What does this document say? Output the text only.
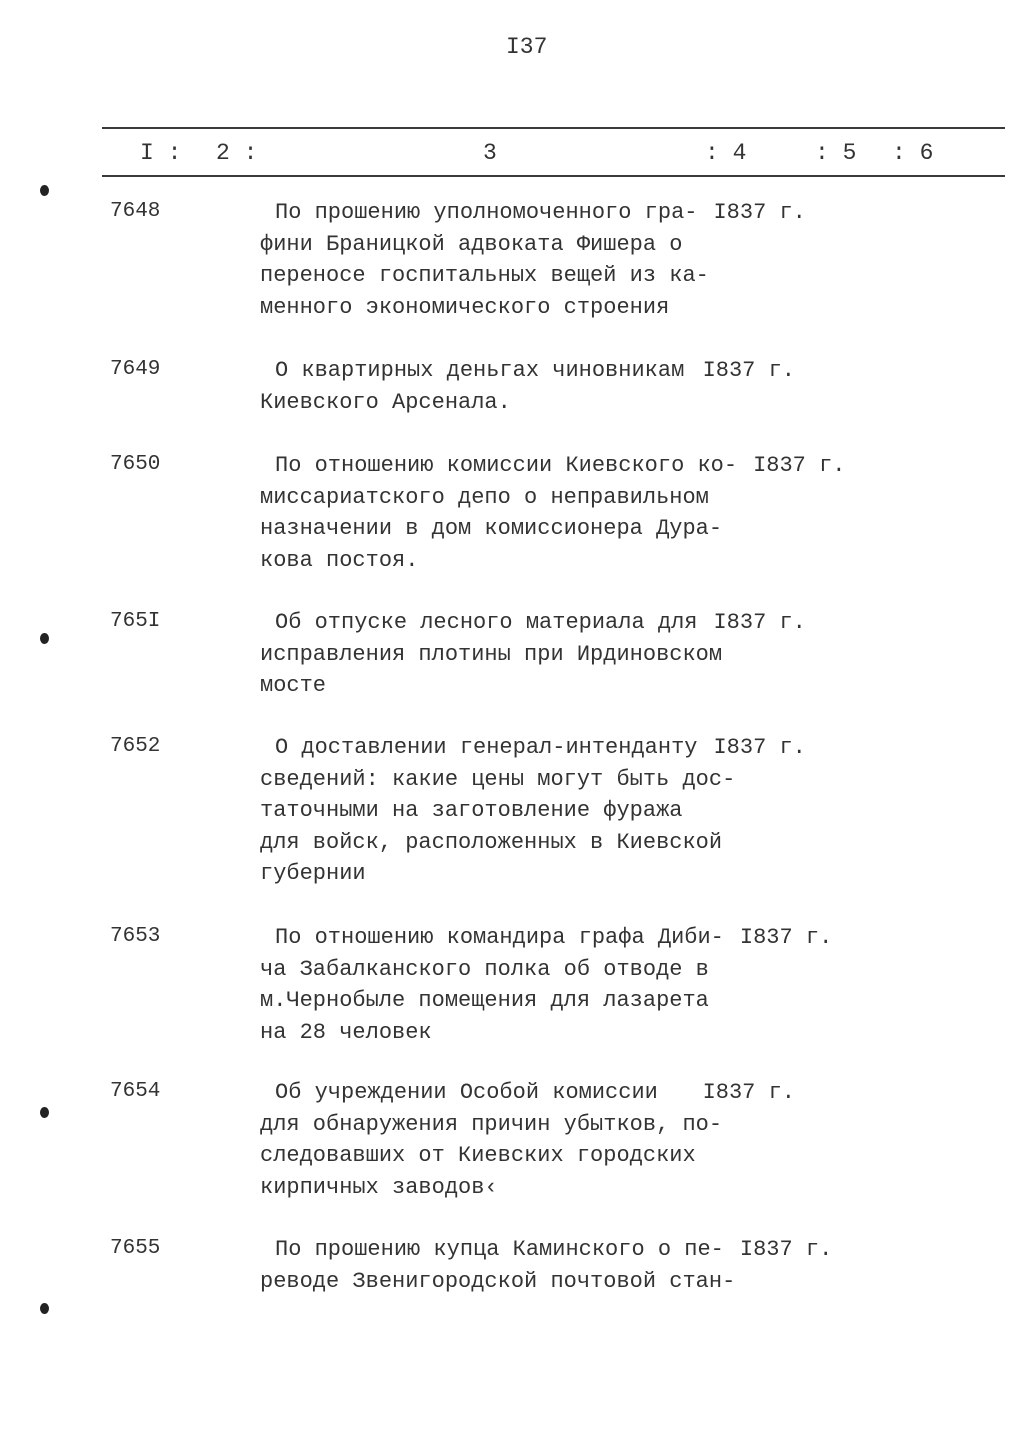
I37
I : 2 :	3	: 4	: 5 : 6
7648	По прошению уполномоченного гра- I837 г.
фини Браницкой адвоката Фишера о
переносе госпитальных вещей из ка-
менного экономического строения
7649	О квартирных деньгах чиновникам I837 г.
Киевского Арсенала.
7650	По отношению комиссии Киевского ко- I837 г.
миссариатского депо о неправильном
назначении в дом комиссионера Дура-
кова постоя.
765I	Об отпуске лесного материала для I837 г.
исправления плотины при Ирдиновском
мосте
7652	О доставлении генерал-интенданту I837 г.
сведений: какие цены могут быть дос-
таточными на заготовление фуража
для войск, расположенных в Киевской
губернии
7653	По отношению командира графа Диби- I837 г.
ча Забалканского полка об отводе в
м.Чернобыле помещения для лазарета
на 28 человек
7654	Об учреждении Особой комиссии I837 г.
для обнаружения причин убытков, по-
следовавших от Киевских городских
кирпичных заводов‹
7655	По прошению купца Каминского о пе- I837 г.
реводе Звенигородской почтовой стан-
